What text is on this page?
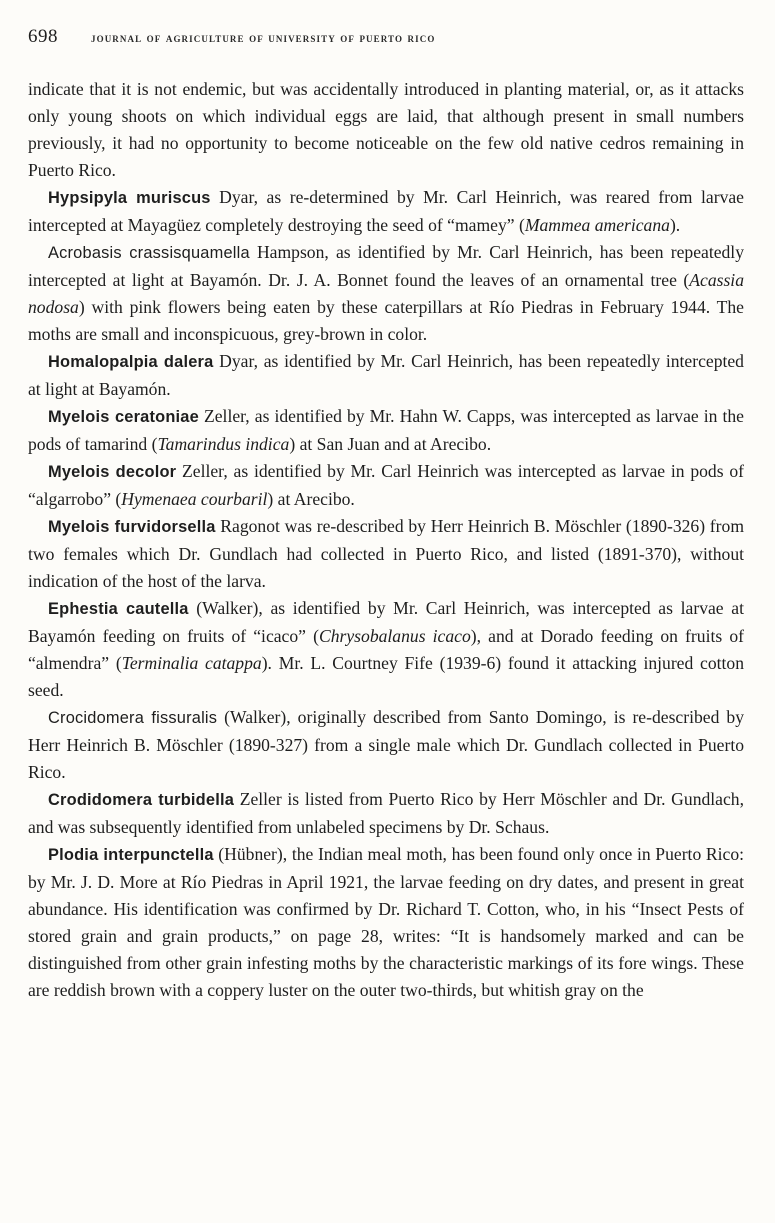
698 journal of agriculture of university of puerto rico

indicate that it is not endemic, but was accidentally introduced in planting material, or, as it attacks only young shoots on which individual eggs are laid, that although present in small numbers previously, it had no opportunity to become noticeable on the few old native cedros remaining in Puerto Rico.

Hypsipyla muriscus Dyar, as re-determined by Mr. Carl Heinrich, was reared from larvae intercepted at Mayagüez completely destroying the seed of “mamey” (Mammea americana).

Acrobasis crassisquamella Hampson, as identified by Mr. Carl Heinrich, has been repeatedly intercepted at light at Bayamón. Dr. J. A. Bonnet found the leaves of an ornamental tree (Acassia nodosa) with pink flowers being eaten by these caterpillars at Río Piedras in February 1944. The moths are small and inconspicuous, grey-brown in color.

Homalopalpia dalera Dyar, as identified by Mr. Carl Heinrich, has been repeatedly intercepted at light at Bayamón.

Myelois ceratoniae Zeller, as identified by Mr. Hahn W. Capps, was intercepted as larvae in the pods of tamarind (Tamarindus indica) at San Juan and at Arecibo.

Myelois decolor Zeller, as identified by Mr. Carl Heinrich was intercepted as larvae in pods of “algarrobo” (Hymenaea courbaril) at Arecibo.

Myelois furvidorsella Ragonot was re-described by Herr Heinrich B. Möschler (1890-326) from two females which Dr. Gundlach had collected in Puerto Rico, and listed (1891-370), without indication of the host of the larva.

Ephestia cautella (Walker), as identified by Mr. Carl Heinrich, was intercepted as larvae at Bayamón feeding on fruits of “icaco” (Chrysobalanus icaco), and at Dorado feeding on fruits of “almendra” (Terminalia catappa). Mr. L. Courtney Fife (1939-6) found it attacking injured cotton seed.

Crocidomera fissuralis (Walker), originally described from Santo Domingo, is re-described by Herr Heinrich B. Möschler (1890-327) from a single male which Dr. Gundlach collected in Puerto Rico.

Crodidomera turbidella Zeller is listed from Puerto Rico by Herr Möschler and Dr. Gundlach, and was subsequently identified from unlabeled specimens by Dr. Schaus.

Plodia interpunctella (Hübner), the Indian meal moth, has been found only once in Puerto Rico: by Mr. J. D. More at Río Piedras in April 1921, the larvae feeding on dry dates, and present in great abundance. His identification was confirmed by Dr. Richard T. Cotton, who, in his “Insect Pests of stored grain and grain products,” on page 28, writes: “It is handsomely marked and can be distinguished from other grain infesting moths by the characteristic markings of its fore wings. These are reddish brown with a coppery luster on the outer two-thirds, but whitish gray on the
